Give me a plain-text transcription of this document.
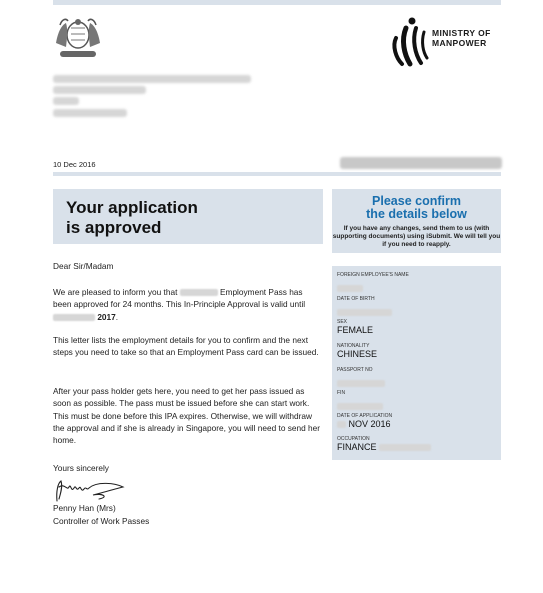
MINISTRY OF
MANPOWER
10 Dec 2016
Your application
is approved
Please confirm
the details below
If you have any changes, send them to us (with supporting documents) using iSubmit. We will tell you if you need to reapply.
Dear Sir/Madam
We are pleased to inform you that	Employment Pass has been approved for 24 months. This In-Principle Approval is valid until  2017.
This letter lists the employment details for you to confirm and the next steps you need to take so that an Employment Pass card can be issued.
After your pass holder gets here, you need to get her pass issued as soon as possible. The pass must be issued before she can start work. This must be done before this IPA expires. Otherwise, we will withdraw the approval and if she is already in Singapore, you will need to send her home.
Yours sincerely
Penny Han (Mrs)
Controller of Work Passes
FOREIGN EMPLOYEE'S NAME
DATE OF BIRTH
SEX
FEMALE
NATIONALITY
CHINESE
PASSPORT NO
FIN
DATE OF APPLICATION
NOV 2016
OCCUPATION
FINANCE
